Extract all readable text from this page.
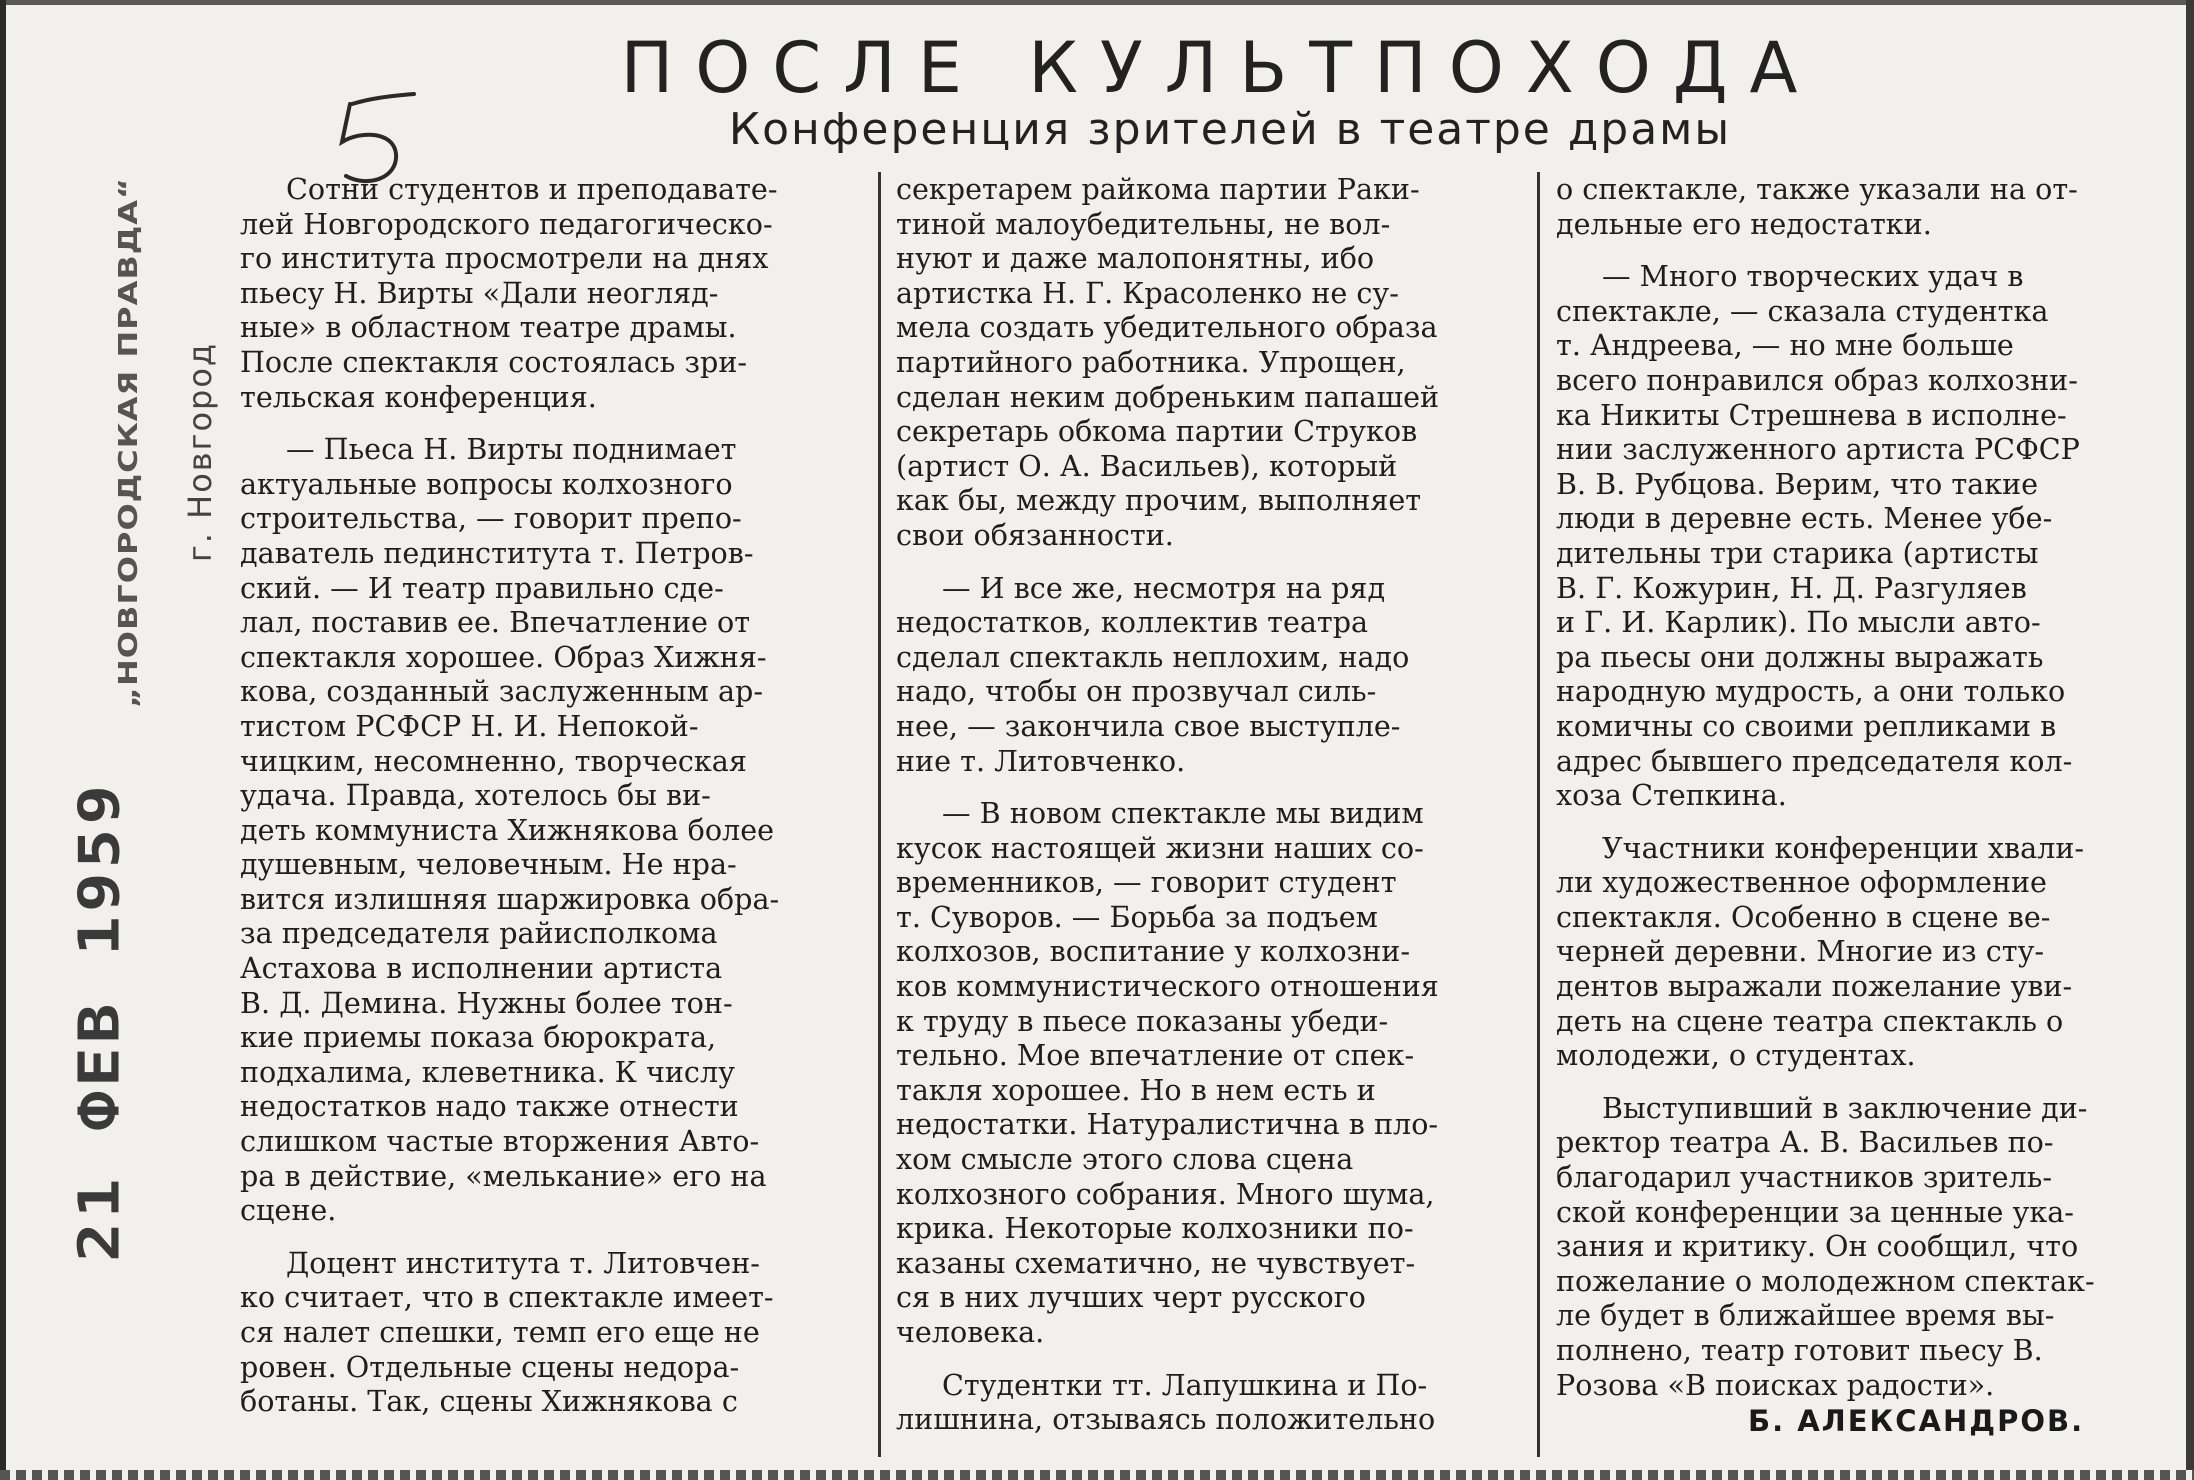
ПОСЛЕ КУЛЬТПОХОДА
Конференция зрителей в театре драмы
„НОВГОРОДСКАЯ ПРАВДА“ г. Новгород
21 ФЕВ 1959

Сотни студентов и преподавате-
лей Новгородского педагогическо-
го института просмотрели на днях
пьесу Н. Вирты «Дали неогляд-
ные» в областном театре драмы.
После спектакля состоялась зри-
тельская конференция.

— Пьеса Н. Вирты поднимает
актуальные вопросы колхозного
строительства, — говорит препо-
даватель пединститута т. Петров-
ский. — И театр правильно сде-
лал, поставив ее. Впечатление от
спектакля хорошее. Образ Хижня-
кова, созданный заслуженным ар-
тистом РСФСР Н. И. Непокой-
чицким, несомненно, творческая
удача. Правда, хотелось бы ви-
деть коммуниста Хижнякова более
душевным, человечным. Не нра-
вится излишняя шаржировка обра-
за председателя райисполкома
Астахова в исполнении артиста
В. Д. Демина. Нужны более тон-
кие приемы показа бюрократа,
подхалима, клеветника. К числу
недостатков надо также отнести
слишком частые вторжения Авто-
ра в действие, «мелькание» его на
сцене.

Доцент института т. Литовчен-
ко считает, что в спектакле имеет-
ся налет спешки, темп его еще не
ровен. Отдельные сцены недора-
ботаны. Так, сцены Хижнякова с

секретарем райкома партии Раки-
тиной малоубедительны, не вол-
нуют и даже малопонятны, ибо
артистка Н. Г. Красоленко не су-
мела создать убедительного образа
партийного работника. Упрощен,
сделан неким добреньким папашей
секретарь обкома партии Струков
(артист О. А. Васильев), который
как бы, между прочим, выполняет
свои обязанности.

— И все же, несмотря на ряд
недостатков, коллектив театра
сделал спектакль неплохим, надо
надо, чтобы он прозвучал силь-
нее, — закончила свое выступле-
ние т. Литовченко.

— В новом спектакле мы видим
кусок настоящей жизни наших со-
временников, — говорит студент
т. Суворов. — Борьба за подъем
колхозов, воспитание у колхозни-
ков коммунистического отношения
к труду в пьесе показаны убеди-
тельно. Мое впечатление от спек-
такля хорошее. Но в нем есть и
недостатки. Натуралистична в пло-
хом смысле этого слова сцена
колхозного собрания. Много шума,
крика. Некоторые колхозники по-
казаны схематично, не чувствует-
ся в них лучших черт русского
человека.

Студентки тт. Лапушкина и По-
лишнина, отзываясь положительно

о спектакле, также указали на от-
дельные его недостатки.

— Много творческих удач в
спектакле, — сказала студентка
т. Андреева, — но мне больше
всего понравился образ колхозни-
ка Никиты Стрешнева в исполне-
нии заслуженного артиста РСФСР
В. В. Рубцова. Верим, что такие
люди в деревне есть. Менее убе-
дительны три старика (артисты
В. Г. Кожурин, Н. Д. Разгуляев
и Г. И. Карлик). По мысли авто-
ра пьесы они должны выражать
народную мудрость, а они только
комичны со своими репликами в
адрес бывшего председателя кол-
хоза Степкина.

Участники конференции хвали-
ли художественное оформление
спектакля. Особенно в сцене ве-
черней деревни. Многие из сту-
дентов выражали пожелание уви-
деть на сцене театра спектакль о
молодежи, о студентах.

Выступивший в заключение ди-
ректор театра А. В. Васильев по-
благодарил участников зритель-
ской конференции за ценные ука-
зания и критику. Он сообщил, что
пожелание о молодежном спектак-
ле будет в ближайшее время вы-
полнено, театр готовит пьесу В.
Розова «В поисках радости».

Б. АЛЕКСАНДРОВ.
